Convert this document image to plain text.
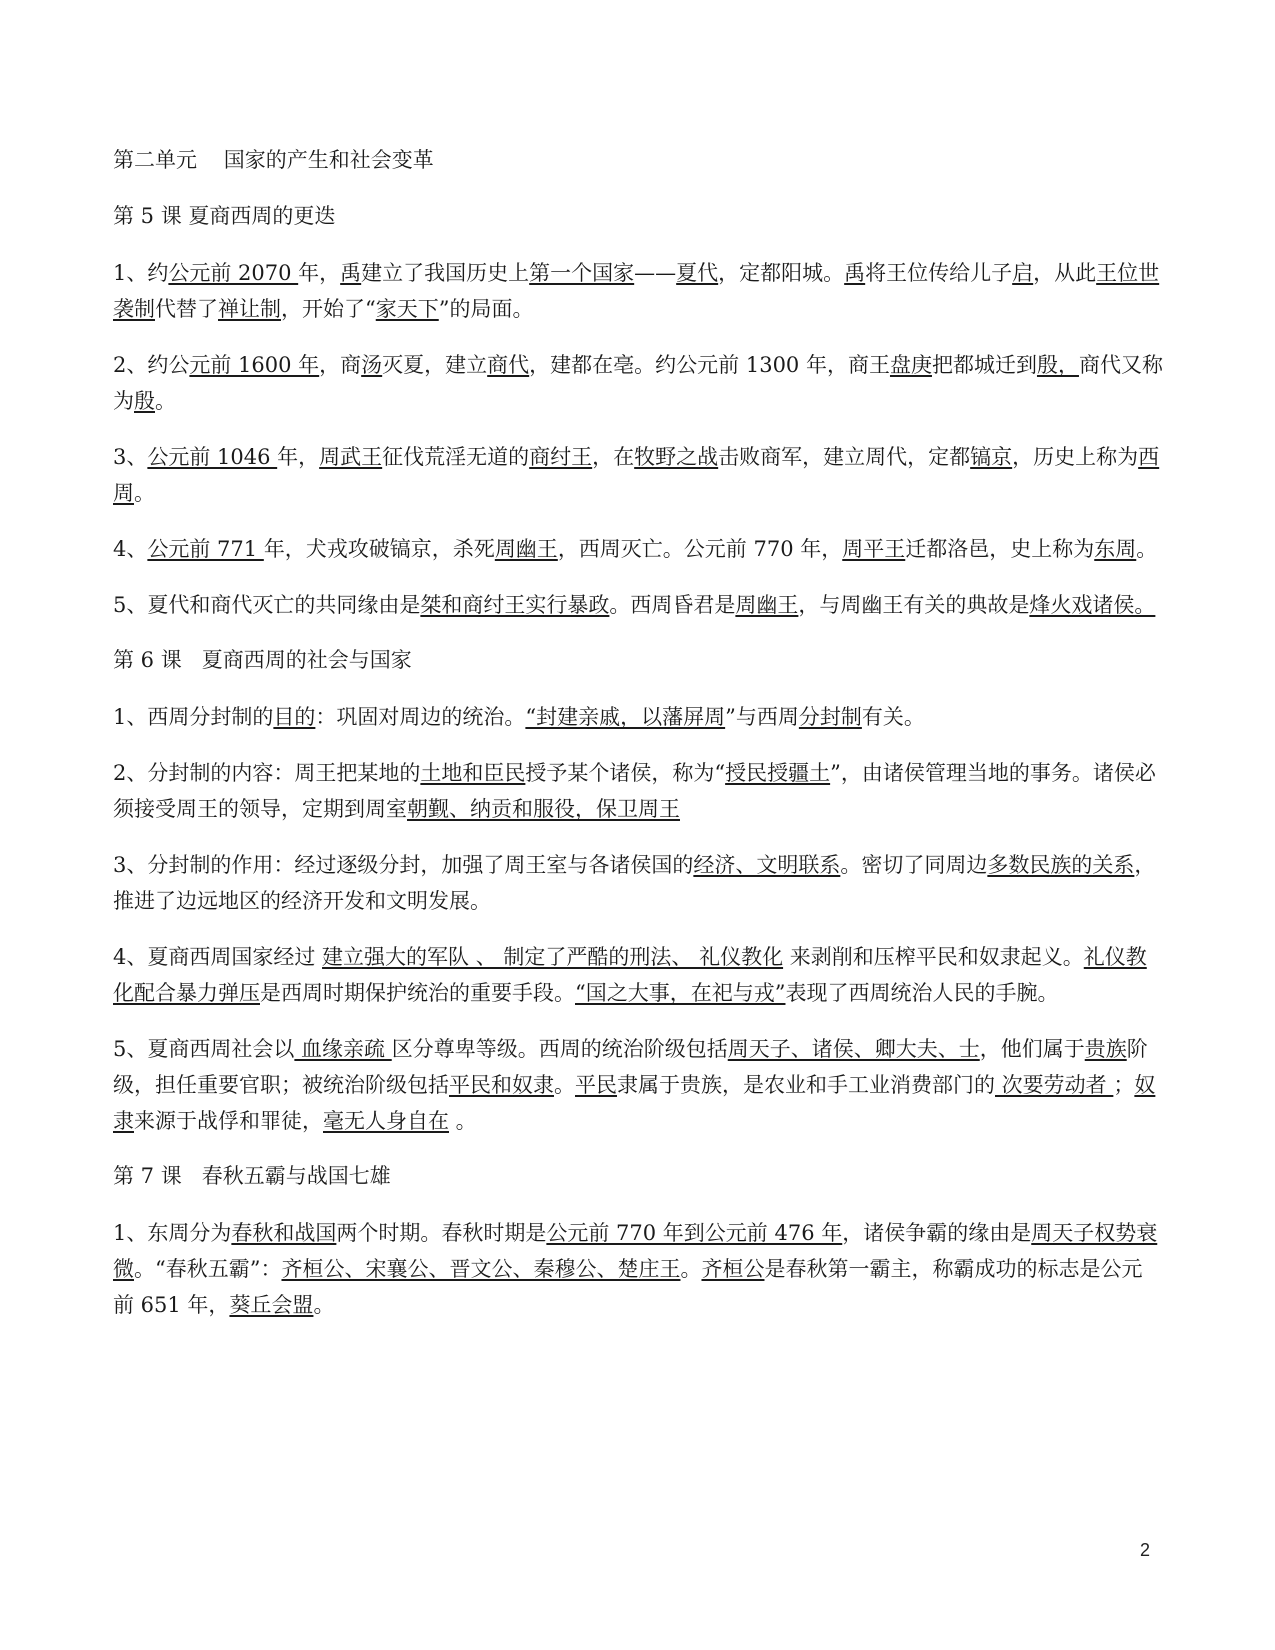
第二单元    国家的产生和社会变革
第 5 课 夏商西周的更迭
1、约公元前 2070 年，禹建立了我国历史上第一个国家——夏代，定都阳城。禹将王位传给儿子启，从此王位世袭制代替了禅让制，开始了“家天下”的局面。
2、约公元前 1600 年，商汤灭夏，建立商代，建都在亳。约公元前 1300 年，商王盘庚把都城迁到殷，商代又称为殷。
3、公元前 1046 年，周武王征伐荒淫无道的商纣王，在牧野之战击败商军，建立周代，定都镐京，历史上称为西周。
4、公元前 771 年，犬戎攻破镐京，杀死周幽王，西周灭亡。公元前 770 年，周平王迁都洛邑，史上称为东周。
5、夏代和商代灭亡的共同缘由是桀和商纣王实行暴政。西周昏君是周幽王，与周幽王有关的典故是烽火戏诸侯。
第 6 课   夏商西周的社会与国家
1、西周分封制的目的：巩固对周边的统治。“封建亲戚，以藩屏周”与西周分封制有关。
2、分封制的内容：周王把某地的土地和臣民授予某个诸侯，称为“授民授疆土”，由诸侯管理当地的事务。诸侯必须接受周王的领导，定期到周室朝觐、纳贡和服役，保卫周王
3、分封制的作用：经过逐级分封，加强了周王室与各诸侯国的经济、文明联系。密切了同周边多数民族的关系，推进了边远地区的经济开发和文明发展。
4、夏商西周国家经过 建立强大的军队 、 制定了严酷的刑法、 礼仪教化 来剥削和压榨平民和奴隶起义。礼仪教化配合暴力弹压是西周时期保护统治的重要手段。“国之大事，在祀与戎”表现了西周统治人民的手腕。
5、夏商西周社会以 血缘亲疏 区分尊卑等级。西周的统治阶级包括周天子、诸侯、卿大夫、士，他们属于贵族阶级，担任重要官职；被统治阶级包括平民和奴隶。平民隶属于贵族，是农业和手工业消费部门的 次要劳动者 ；奴隶来源于战俘和罪徒，毫无人身自在 。
第 7 课   春秋五霸与战国七雄
1、东周分为春秋和战国两个时期。春秋时期是公元前 770 年到公元前 476 年，诸侯争霸的缘由是周天子权势衰微。“春秋五霸”：齐桓公、宋襄公、晋文公、秦穆公、楚庄王。齐桓公是春秋第一霸主，称霸成功的标志是公元前 651 年，葵丘会盟。
2
